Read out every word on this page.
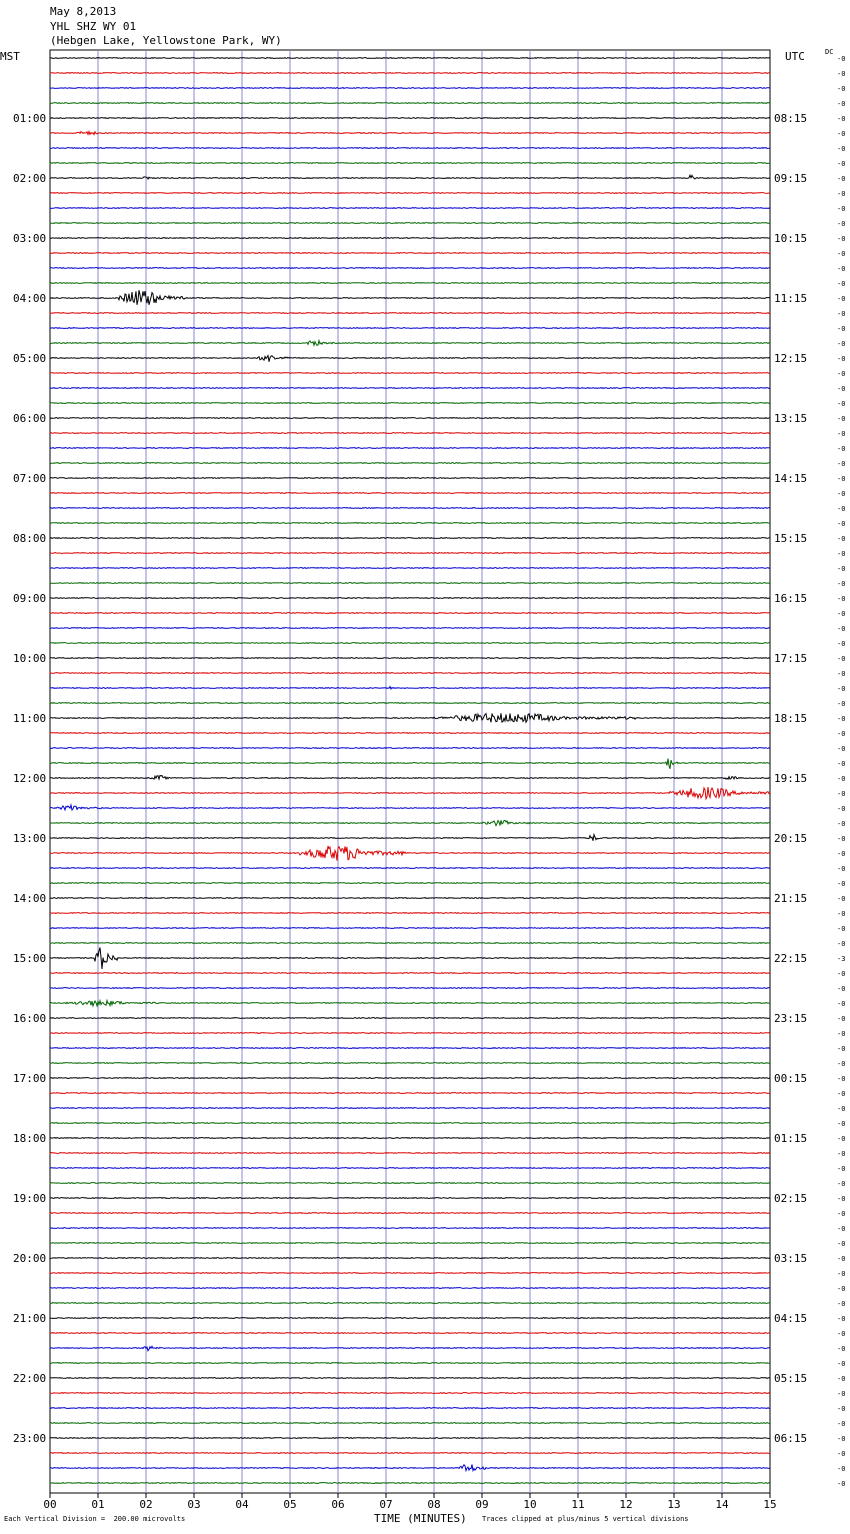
May 8,2013
YHL SHZ WY 01
(Hebgen Lake, Yellowstone Park, WY)
MST	UTC	DC
01:00
02:00
03:00
04:00
05:00
06:00
07:00
08:00
09:00
10:00
11:00
12:00
13:00
14:00
15:00
16:00
17:00
18:00
19:00
20:00
21:00
22:00
23:00
08:15
09:15
10:15
11:15
12:15
13:15
14:15
15:15
16:15
17:15
18:15
19:15
20:15
21:15
22:15
23:15
00:15
01:15
02:15
03:15
04:15
05:15
06:15
-0
-0
-0
-0
-0
-0
-0
-0
-0
-0
-0
-0
-0
-0
-0
-0
-0
-0
-0
-0
-0
-0
-0
-0
-0
-0
-0
-0
-0
-0
-0
-0
-0
-0
-0
-0
-0
-0
-0
-0
-0
-0
-0
-0
-0
-0
-0
-0
-0
-0
-0
-0
-0
-0
-0
-0
-0
-0
-0
-0
-3
-0
-0
-0
-0
-0
-0
-0
-0
-0
-0
-0
-0
-0
-0
-0
-0
-0
-0
-0
-0
-0
-0
-0
-0
-0
-0
-0
-0
-0
-0
-0
-0
-0
-0
-0
00	01	02	03	04	05	06	07	08	09	10	11	12	13	14	15
Each Vertical Division =  200.00 microvolts	TIME (MINUTES) Traces clipped at plus/minus 5 vertical divisions
